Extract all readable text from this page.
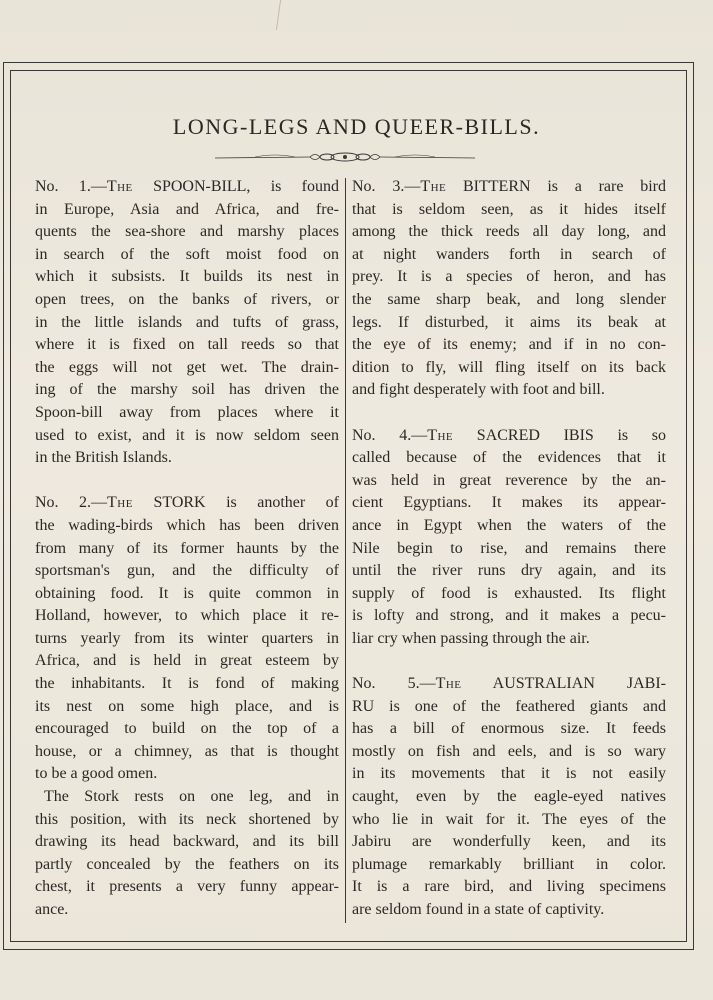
LONG-LEGS AND QUEER-BILLS.

No. 1.—The SPOON-BILL, is found
in Europe, Asia and Africa, and fre-
quents the sea-shore and marshy places
in search of the soft moist food on
which it subsists. It builds its nest in
open trees, on the banks of rivers, or
in the little islands and tufts of grass,
where it is fixed on tall reeds so that
the eggs will not get wet. The drain-
ing of the marshy soil has driven the
Spoon-bill away from places where it
used to exist, and it is now seldom seen
in the British Islands.

No. 2.—The STORK is another of
the wading-birds which has been driven
from many of its former haunts by the
sportsman's gun, and the difficulty of
obtaining food. It is quite common in
Holland, however, to which place it re-
turns yearly from its winter quarters in
Africa, and is held in great esteem by
the inhabitants. It is fond of making
its nest on some high place, and is
encouraged to build on the top of a
house, or a chimney, as that is thought
to be a good omen.

The Stork rests on one leg, and in

this position, with its neck shortened by
drawing its head backward, and its bill
partly concealed by the feathers on its
chest, it presents a very funny appear-
ance.

No. 3.—The BITTERN is a rare bird
that is seldom seen, as it hides itself
among the thick reeds all day long, and
at night wanders forth in search of
prey. It is a species of heron, and has
the same sharp beak, and long slender
legs. If disturbed, it aims its beak at
the eye of its enemy; and if in no con-
dition to fly, will fling itself on its back
and fight desperately with foot and bill.

No. 4.—The SACRED IBIS is so
called because of the evidences that it
was held in great reverence by the an-
cient Egyptians. It makes its appear-
ance in Egypt when the waters of the
Nile begin to rise, and remains there
until the river runs dry again, and its
supply of food is exhausted. Its flight
is lofty and strong, and it makes a pecu-
liar cry when passing through the air.

No. 5.—The AUSTRALIAN JABI-
RU is one of the feathered giants and
has a bill of enormous size. It feeds
mostly on fish and eels, and is so wary
in its movements that it is not easily
caught, even by the eagle-eyed natives
who lie in wait for it. The eyes of the
Jabiru are wonderfully keen, and its
plumage remarkably brilliant in color.
It is a rare bird, and living specimens
are seldom found in a state of captivity.
